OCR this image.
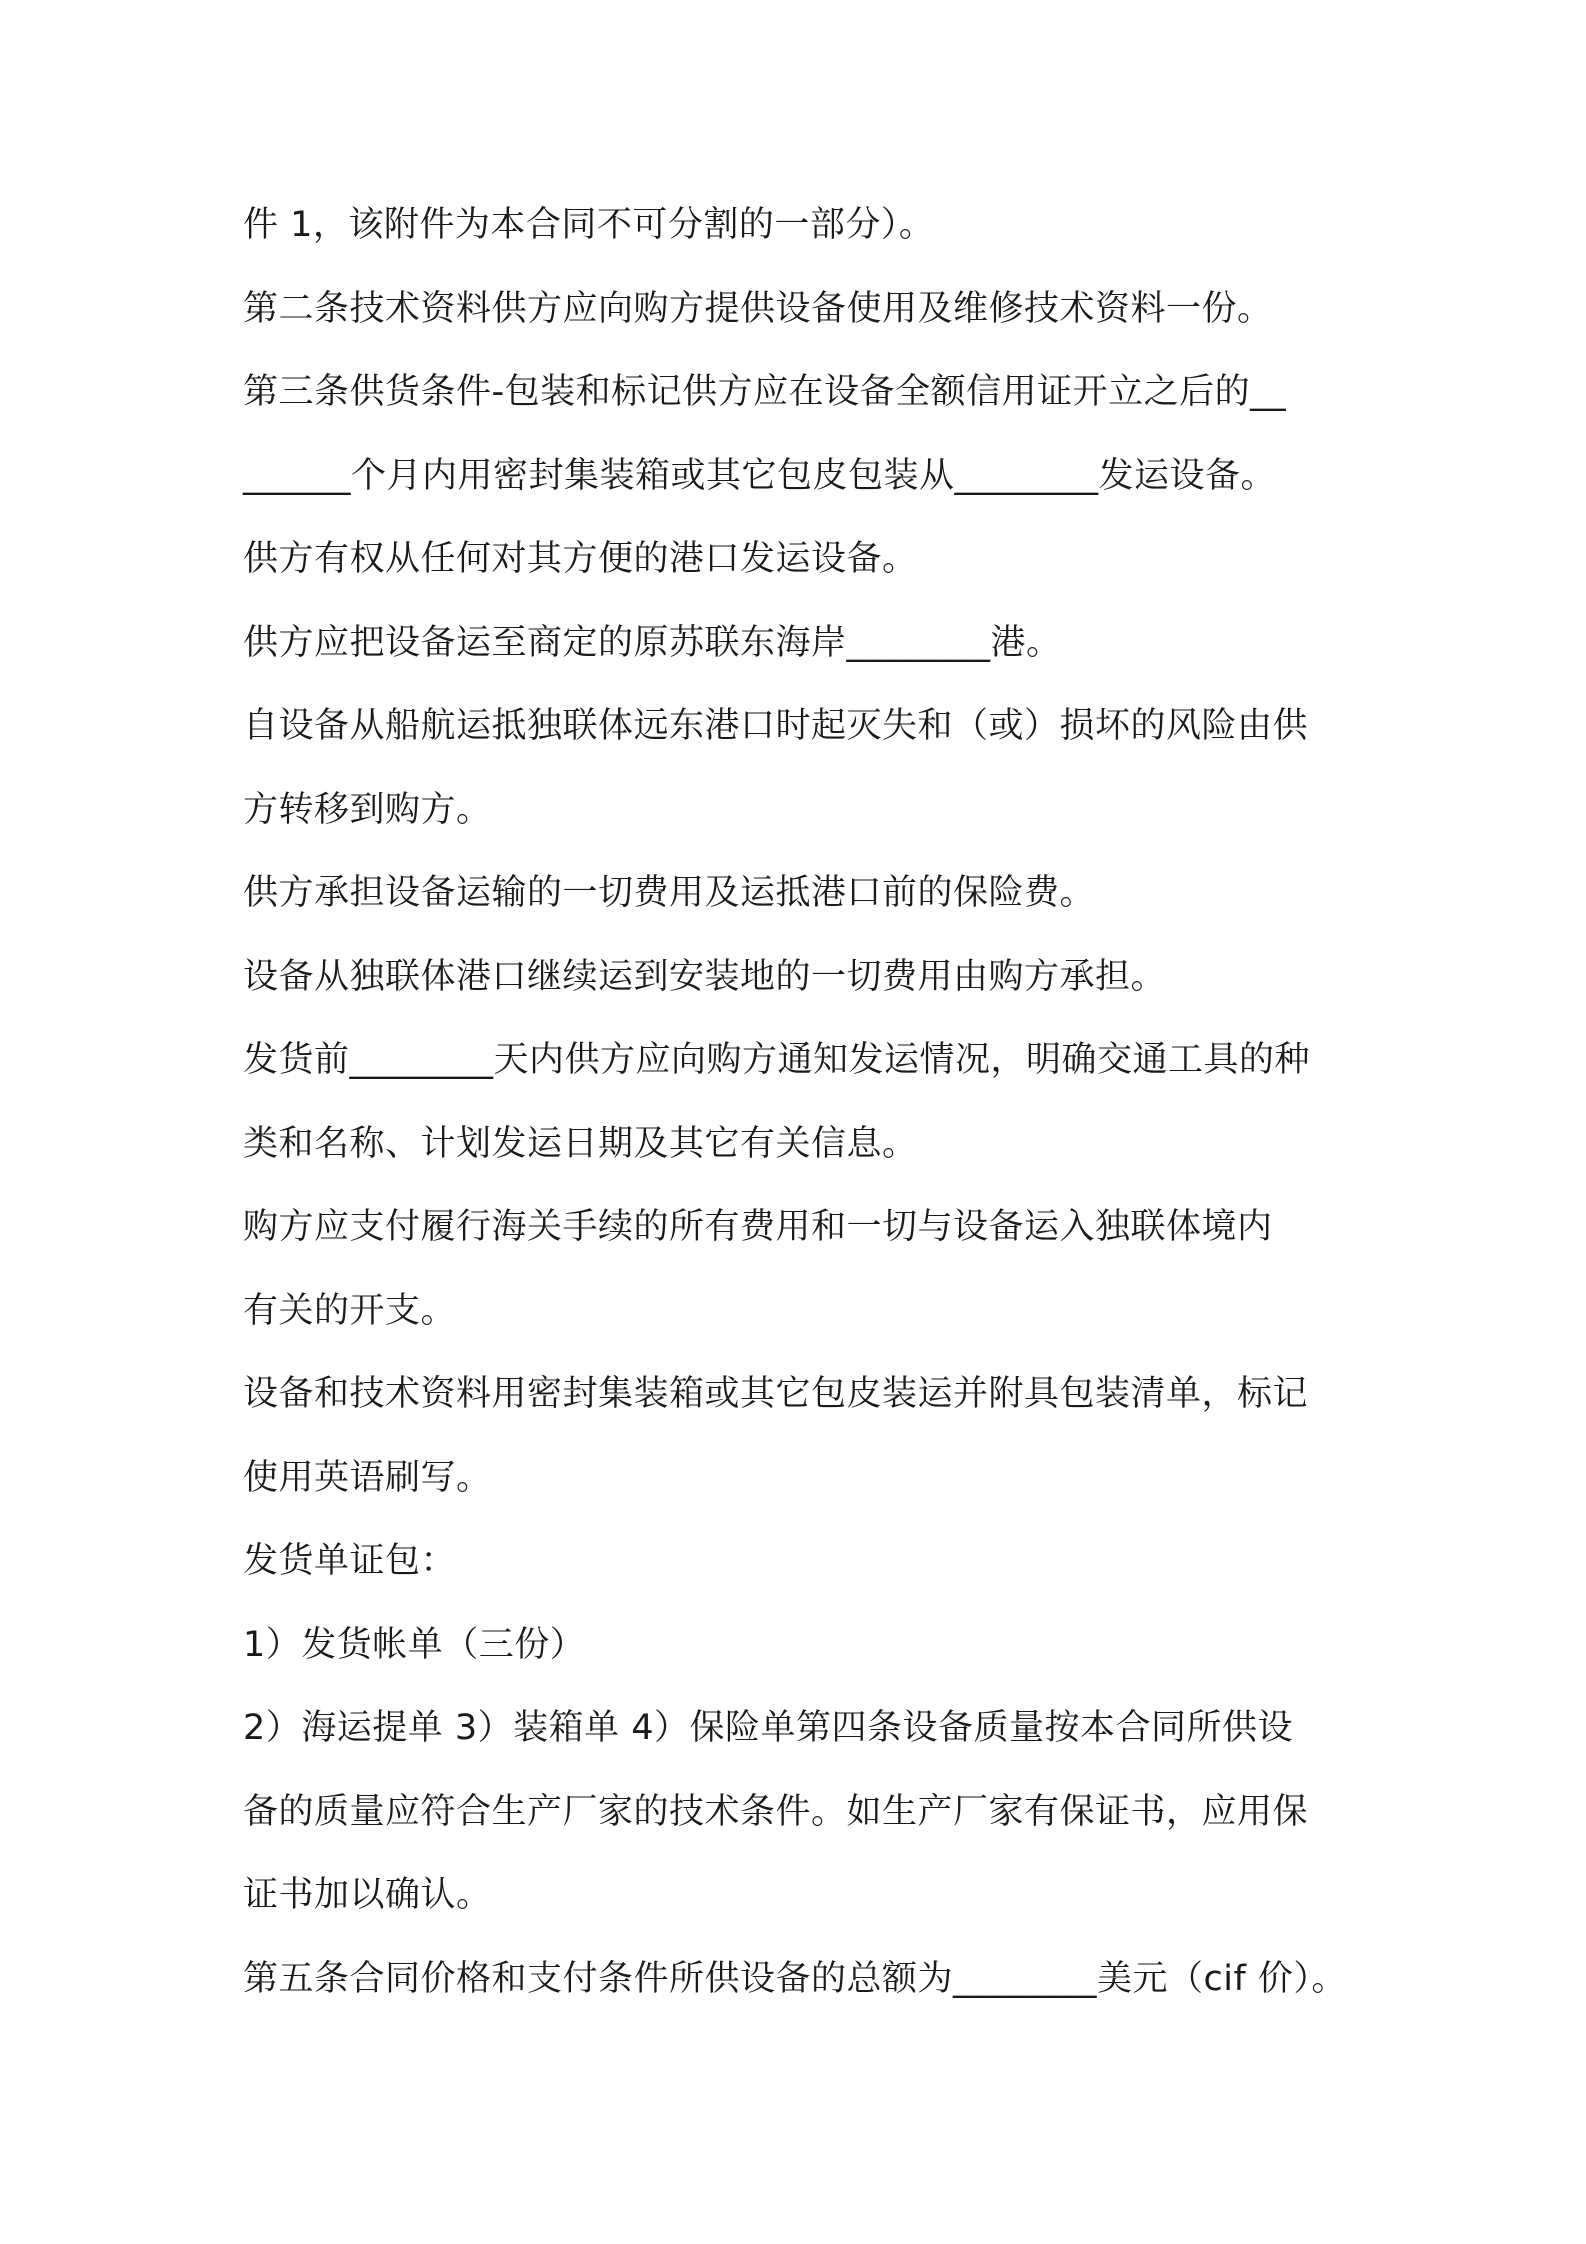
件 1，该附件为本合同不可分割的一部分）。
第二条技术资料供方应向购方提供设备使用及维修技术资料一份。
第三条供货条件-包装和标记供方应在设备全额信用证开立之后的__
______个月内用密封集装箱或其它包皮包装从________发运设备。
供方有权从任何对其方便的港口发运设备。
供方应把设备运至商定的原苏联东海岸________港。
自设备从船航运抵独联体远东港口时起灭失和（或）损坏的风险由供
方转移到购方。
供方承担设备运输的一切费用及运抵港口前的保险费。
设备从独联体港口继续运到安装地的一切费用由购方承担。
发货前________天内供方应向购方通知发运情况，明确交通工具的种
类和名称、计划发运日期及其它有关信息。
购方应支付履行海关手续的所有费用和一切与设备运入独联体境内
有关的开支。
设备和技术资料用密封集装箱或其它包皮装运并附具包装清单，标记
使用英语刷写。
发货单证包：
1）发货帐单（三份）
2）海运提单 3）装箱单 4）保险单第四条设备质量按本合同所供设
备的质量应符合生产厂家的技术条件。如生产厂家有保证书，应用保
证书加以确认。
第五条合同价格和支付条件所供设备的总额为________美元（cif 价）。
